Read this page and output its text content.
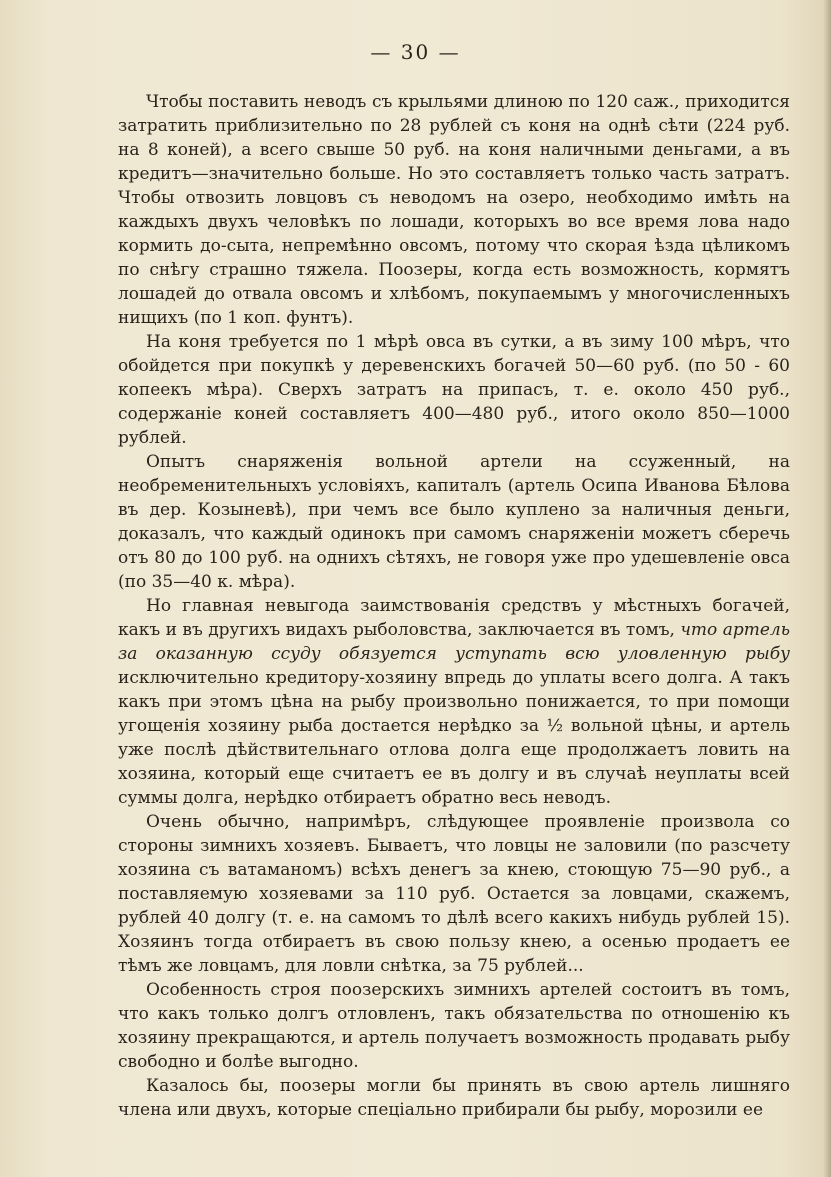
— 30 —

Чтобы поставить неводъ съ крыльями длиною по 120 саж., приходится затратить приблизительно по 28 рублей съ коня на однѣ сѣти (224 руб. на 8 коней), а всего свыше 50 руб. на коня наличными деньгами, а въ кредитъ—значительно больше. Но это составляетъ только часть затратъ. Чтобы отвозить ловцовъ съ неводомъ на озеро, необходимо имѣть на каждыхъ двухъ человѣкъ по лошади, которыхъ во все время лова надо кормить до-сыта, непремѣнно овсомъ, потому что скорая ѣзда цѣликомъ по снѣгу страшно тяжела. Поозеры, когда есть возможность, кормятъ лошадей до отвала овсомъ и хлѣбомъ, покупаемымъ у многочисленныхъ нищихъ (по 1 коп. фунтъ).

На коня требуется по 1 мѣрѣ овса въ сутки, а въ зиму 100 мѣръ, что обойдется при покупкѣ у деревенскихъ богачей 50—60 руб. (по 50 - 60 копеекъ мѣра). Сверхъ затратъ на припасъ, т. е. около 450 руб., содержаніе коней составляетъ 400—480 руб., итого около 850—1000 рублей.

Опытъ снаряженія вольной артели на ссуженный, на необременительныхъ условіяхъ, капиталъ (артель Осипа Иванова Бѣлова въ дер. Козыневѣ), при чемъ все было куплено за наличныя деньги, доказалъ, что каждый одинокъ при самомъ снаряженіи можетъ сберечь отъ 80 до 100 руб. на однихъ сѣтяхъ, не говоря уже про удешевленіе овса (по 35—40 к. мѣра).

Но главная невыгода заимствованія средствъ у мѣстныхъ богачей, какъ и въ другихъ видахъ рыболовства, заключается въ томъ, что артель за оказанную ссуду обязуется уступать всю уловленную рыбу исключительно кредитору-хозяину впредь до уплаты всего долга. А такъ какъ при этомъ цѣна на рыбу произвольно понижается, то при помощи угощенія хозяину рыба достается нерѣдко за ½ вольной цѣны, и артель уже послѣ дѣйствительнаго отлова долга еще продолжаетъ ловить на хозяина, который еще считаетъ ее въ долгу и въ случаѣ неуплаты всей суммы долга, нерѣдко отбираетъ обратно весь неводъ.

Очень обычно, напримѣръ, слѣдующее проявленіе произвола со стороны зимнихъ хозяевъ. Бываетъ, что ловцы не заловили (по разсчету хозяина съ ватаманомъ) всѣхъ денегъ за кнею, стоющую 75—90 руб., а поставляемую хозяевами за 110 руб. Остается за ловцами, скажемъ, рублей 40 долгу (т. е. на самомъ то дѣлѣ всего какихъ нибудь рублей 15). Хозяинъ тогда отбираетъ въ свою пользу кнею, а осенью продаетъ ее тѣмъ же ловцамъ, для ловли снѣтка, за 75 рублей...

Особенность строя поозерскихъ зимнихъ артелей состоитъ въ томъ, что какъ только долгъ отловленъ, такъ обязательства по отношенію къ хозяину прекращаются, и артель получаетъ возможность продавать рыбу свободно и болѣе выгодно.

Казалось бы, поозеры могли бы принять въ свою артель лишняго члена или двухъ, которые спеціально прибирали бы рыбу, морозили ее
